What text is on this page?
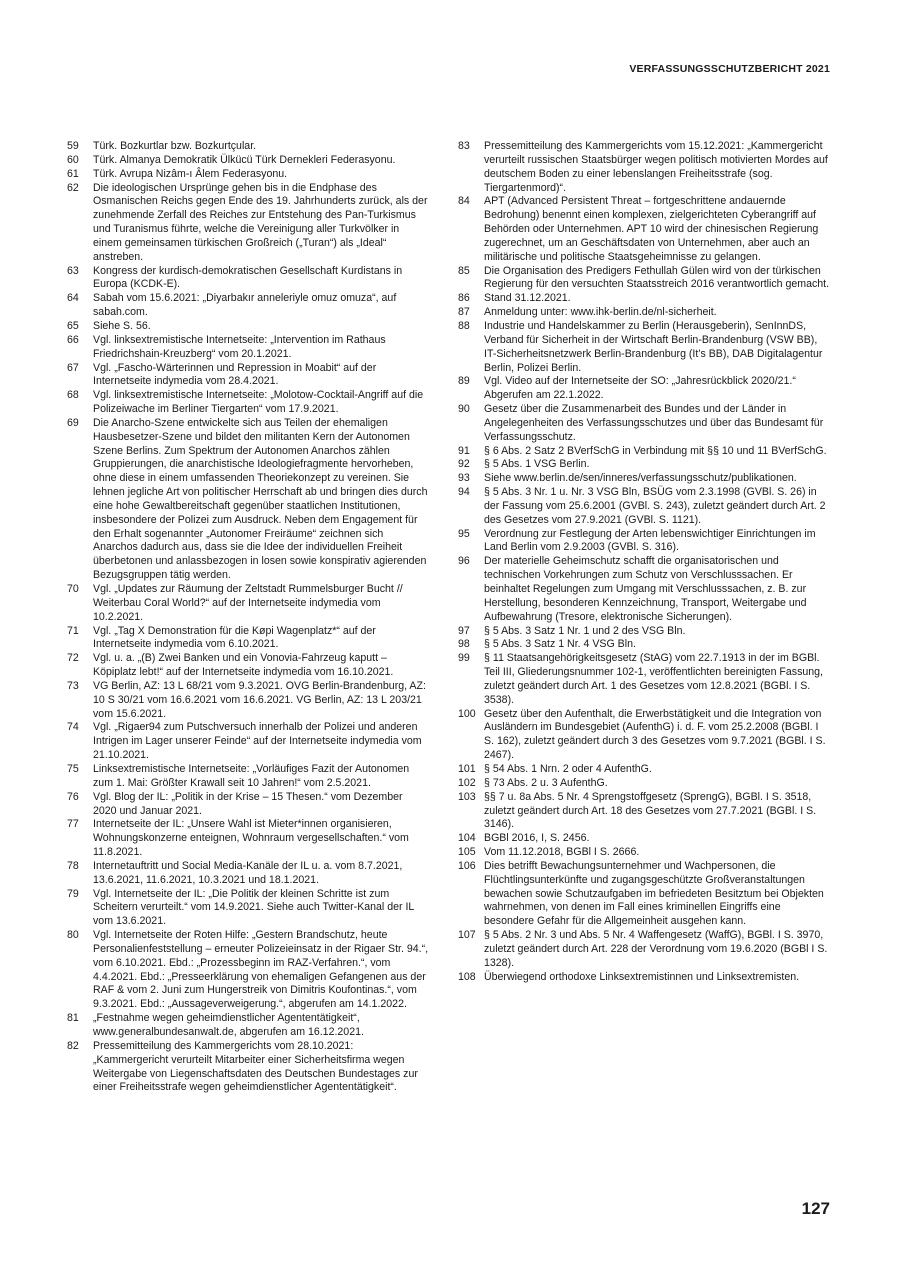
VERFASSUNGSSCHUTZBERICHT 2021
59	Türk. Bozkurtlar bzw. Bozkurtçular.
60	Türk. Almanya Demokratik Ülkücü Türk Dernekleri Federasyonu.
61	Türk. Avrupa Nizâm-ı Âlem Federasyonu.
62	Die ideologischen Ursprünge gehen bis in die Endphase des Osmanischen Reichs gegen Ende des 19. Jahrhunderts zurück, als der zunehmende Zerfall des Reiches zur Entstehung des Pan-Turkismus und Turanismus führte, welche die Vereinigung aller Turkvölker in einem gemeinsamen türkischen Großreich („Turan“) als „Ideal“ anstreben.
63	Kongress der kurdisch-demokratischen Gesellschaft Kurdistans in Europa (KCDK-E).
64	Sabah vom 15.6.2021: „Diyarbakır anneleriyle omuz omuza“, auf sabah.com.
65	Siehe S. 56.
66	Vgl. linksextremistische Internetseite: „Intervention im Rathaus Friedrichshain-Kreuzberg“ vom 20.1.2021.
67	Vgl. „Fascho-Wärterinnen und Repression in Moabit“ auf der Internetseite indymedia vom 28.4.2021.
68	Vgl. linksextremistische Internetseite: „Molotow-Cocktail-Angriff auf die Polizeiwache im Berliner Tiergarten“ vom 17.9.2021.
69	Die Anarcho-Szene entwickelte sich aus Teilen der ehemaligen Hausbesetzer-Szene und bildet den militanten Kern der Autonomen Szene Berlins. Zum Spektrum der Autonomen Anarchos zählen Gruppierungen, die anarchistische Ideologiefragmente hervorheben, ohne diese in einem umfassenden Theoriekonzept zu vereinen. Sie lehnen jegliche Art von politischer Herrschaft ab und bringen dies durch eine hohe Gewaltbereitschaft gegenüber staatlichen Institutionen, insbesondere der Polizei zum Ausdruck. Neben dem Engagement für den Erhalt sogenannter „Autonomer Freiräume“ zeichnen sich Anarchos dadurch aus, dass sie die Idee der individuellen Freiheit überbetonen und anlassbezogen in losen sowie konspirativ agierenden Bezugsgruppen tätig werden.
70	Vgl. „Updates zur Räumung der Zeltstadt Rummelsburger Bucht // Weiterbau Coral World?“ auf der Internetseite indymedia vom 10.2.2021.
71	Vgl. „Tag X Demonstration für die Køpi Wagenplatz*“ auf der Internetseite indymedia vom 6.10.2021.
72	Vgl. u. a. „(B) Zwei Banken und ein Vonovia-Fahrzeug kaputt – Köpiplatz lebt!“ auf der Internetseite indymedia vom 16.10.2021.
73	VG Berlin, AZ: 13 L 68/21 vom 9.3.2021. OVG Berlin-Brandenburg, AZ: 10 S 30/21 vom 16.6.2021 vom 16.6.2021. VG Berlin, AZ: 13 L 203/21 vom 15.6.2021.
74	Vgl. „Rigaer94 zum Putschversuch innerhalb der Polizei und anderen Intrigen im Lager unserer Feinde“ auf der Internetseite indymedia vom 21.10.2021.
75	Linksextremistische Internetseite: „Vorläufiges Fazit der Autonomen zum 1. Mai: Größter Krawall seit 10 Jahren!“ vom 2.5.2021.
76	Vgl. Blog der IL: „Politik in der Krise – 15 Thesen.“ vom Dezember 2020 und Januar 2021.
77	Internetseite der IL: „Unsere Wahl ist Mieter*innen organisieren, Wohnungskonzerne enteignen, Wohnraum vergesellschaften.“ vom 11.8.2021.
78	Internetauftritt und Social Media-Kanäle der IL u. a. vom 8.7.2021, 13.6.2021, 11.6.2021, 10.3.2021 und 18.1.2021.
79	Vgl. Internetseite der IL: „Die Politik der kleinen Schritte ist zum Scheitern verurteilt.“ vom 14.9.2021. Siehe auch Twitter-Kanal der IL vom 13.6.2021.
80	Vgl. Internetseite der Roten Hilfe: „Gestern Brandschutz, heute Personalienfeststellung – erneuter Polizeieinsatz in der Rigaer Str. 94.“, vom 6.10.2021. Ebd.: „Prozessbeginn im RAZ-Verfahren.“, vom 4.4.2021. Ebd.: „Presseerklärung von ehemaligen Gefangenen aus der RAF & vom 2. Juni zum Hungerstreik von Dimitris Koufontinas.“, vom 9.3.2021. Ebd.: „Aussageverweigerung.“, abgerufen am 14.1.2022.
81	„Festnahme wegen geheimdienstlicher Agententätigkeit“, www.generalbundesanwalt.de, abgerufen am 16.12.2021.
82	Pressemitteilung des Kammergerichts vom 28.10.2021: „Kammergericht verurteilt Mitarbeiter einer Sicherheitsfirma wegen Weitergabe von Liegenschaftsdaten des Deutschen Bundestages zur einer Freiheitsstrafe wegen geheimdienstlicher Agententätigkeit“.
83	Pressemitteilung des Kammergerichts vom 15.12.2021: „Kammergericht verurteilt russischen Staatsbürger wegen politisch motivierten Mordes auf deutschem Boden zu einer lebenslangen Freiheitsstrafe (sog. Tiergartenmord)“.
84	APT (Advanced Persistent Threat – fortgeschrittene andauernde Bedrohung) benennt einen komplexen, zielgerichteten Cyberangriff auf Behörden oder Unternehmen. APT 10 wird der chinesischen Regierung zugerechnet, um an Geschäftsdaten von Unternehmen, aber auch an militärische und politische Staatsgeheimnisse zu gelangen.
85	Die Organisation des Predigers Fethullah Gülen wird von der türkischen Regierung für den versuchten Staatsstreich 2016 verantwortlich gemacht.
86	Stand 31.12.2021.
87	Anmeldung unter: www.ihk-berlin.de/nl-sicherheit.
88	Industrie und Handelskammer zu Berlin (Herausgeberin), SenInnDS, Verband für Sicherheit in der Wirtschaft Berlin-Brandenburg (VSW BB), IT-Sicherheitsnetzwerk Berlin-Brandenburg (It’s BB), DAB Digitalagentur Berlin, Polizei Berlin.
89	Vgl. Video auf der Internetseite der SO: „Jahresrückblick 2020/21.“ Abgerufen am 22.1.2022.
90	Gesetz über die Zusammenarbeit des Bundes und der Länder in Angelegenheiten des Verfassungsschutzes und über das Bundesamt für Verfassungsschutz.
91	§ 6 Abs. 2 Satz 2 BVerfSchG in Verbindung mit §§ 10 und 11 BVerfSchG.
92	§ 5 Abs. 1 VSG Berlin.
93	Siehe www.berlin.de/sen/inneres/verfassungsschutz/publikationen.
94	§ 5 Abs. 3 Nr. 1 u. Nr. 3 VSG Bln, BSÜG vom 2.3.1998 (GVBl. S. 26) in der Fassung vom 25.6.2001 (GVBl. S. 243), zuletzt geändert durch Art. 2 des Gesetzes vom 27.9.2021 (GVBl. S. 1121).
95	Verordnung zur Festlegung der Arten lebenswichtiger Einrichtungen im Land Berlin vom 2.9.2003 (GVBl. S. 316).
96	Der materielle Geheimschutz schafft die organisatorischen und technischen Vorkehrungen zum Schutz von Verschlusssachen. Er beinhaltet Regelungen zum Umgang mit Verschlusssachen, z. B. zur Herstellung, besonderen Kennzeichnung, Transport, Weitergabe und Aufbewahrung (Tresore, elektronische Sicherungen).
97	§ 5 Abs. 3 Satz 1 Nr. 1 und 2 des VSG Bln.
98	§ 5 Abs. 3 Satz 1 Nr. 4 VSG Bln.
99	§ 11 Staatsangehörigkeitsgesetz (StAG) vom 22.7.1913 in der im BGBl. Teil III, Gliederungsnummer 102-1, veröffentlichten bereinigten Fassung, zuletzt geändert durch Art. 1 des Gesetzes vom 12.8.2021 (BGBl. I S. 3538).
100 Gesetz über den Aufenthalt, die Erwerbstätigkeit und die Integration von Ausländern im Bundesgebiet (AufenthG) i. d. F. vom 25.2.2008 (BGBl. I S. 162), zuletzt geändert durch 3 des Gesetzes vom 9.7.2021 (BGBl. I S. 2467).
101 § 54 Abs. 1 Nrn. 2 oder 4 AufenthG.
102 § 73 Abs. 2 u. 3 AufenthG.
103 §§ 7 u. 8a Abs. 5 Nr. 4 Sprengstoffgesetz (SprengG), BGBl. I S. 3518, zuletzt geändert durch Art. 18 des Gesetzes vom 27.7.2021 (BGBl. I S. 3146).
104 BGBl 2016, I, S. 2456.
105 Vom 11.12.2018, BGBl I S. 2666.
106 Dies betrifft Bewachungsunternehmer und Wachpersonen, die Flüchtlingsunterkünfte und zugangsgeschützte Großveranstaltungen bewachen sowie Schutzaufgaben im befriedeten Besitztum bei Objekten wahrnehmen, von denen im Fall eines kriminellen Eingriffs eine besondere Gefahr für die Allgemeinheit ausgehen kann.
107 § 5 Abs. 2 Nr. 3 und Abs. 5 Nr. 4 Waffengesetz (WaffG), BGBl. I S. 3970, zuletzt geändert durch Art. 228 der Verordnung vom 19.6.2020 (BGBl I S. 1328).
108 Überwiegend orthodoxe Linksextremistinnen und Linksextremisten.
127
